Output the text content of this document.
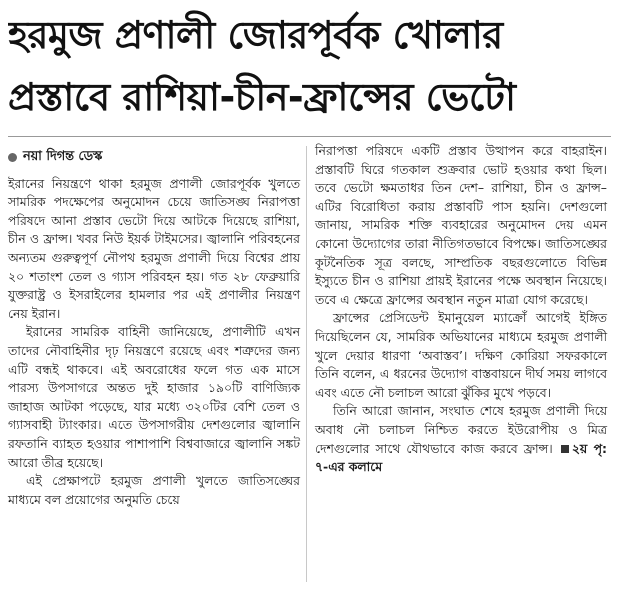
হরমুজ প্রণালী জোরপূর্বক খোলার
প্রস্তাবে রাশিয়া-চীন-ফ্রান্সের ভেটো
নয়া দিগন্ত ডেস্ক

ইরানের নিয়ন্ত্রণে থাকা হরমুজ প্রণালী জোরপূর্বক খুলতে সামরিক পদক্ষেপের অনুমোদন চেয়ে জাতিসঙ্ঘ নিরাপত্তা পরিষদে আনা প্রস্তাব ভেটো দিয়ে আটকে দিয়েছে রাশিয়া, চীন ও ফ্রান্স। খবর নিউ ইয়র্ক টাইমসের। জ্বালানি পরিবহনের অন্যতম গুরুত্বপূর্ণ নৌপথ হরমুজ প্রণালী দিয়ে বিশ্বের প্রায় ২০ শতাংশ তেল ও গ্যাস পরিবহন হয়। গত ২৮ ফেব্রুয়ারি যুক্তরাষ্ট্র ও ইসরাইলের হামলার পর এই প্রণালীর নিয়ন্ত্রণ নেয় ইরান।

ইরানের সামরিক বাহিনী জানিয়েছে, প্রণালীটি এখন তাদের নৌবাহিনীর দৃঢ় নিয়ন্ত্রণে রয়েছে এবং শত্রুদের জন্য এটি বন্ধই থাকবে। এই অবরোধের ফলে গত এক মাসে পারস্য উপসাগরে অন্তত দুই হাজার ১৯০টি বাণিজ্যিক জাহাজ আটকা পড়েছে, যার মধ্যে ৩২০টির বেশি তেল ও গ্যাসবাহী ট্যাংকার। এতে উপসাগরীয় দেশগুলোর জ্বালানি রফতানি ব্যাহত হওয়ার পাশাপাশি বিশ্ববাজারে জ্বালানি সঙ্কট আরো তীব্র হয়েছে।

এই প্রেক্ষাপটে হরমুজ প্রণালী খুলতে জাতিসঙ্ঘের মাধ্যমে বল প্রয়োগের অনুমতি চেয়ে

নিরাপত্তা পরিষদে একটি প্রস্তাব উত্থাপন করে বাহরাইন। প্রস্তাবটি ঘিরে গতকাল শুক্রবার ভোট হওয়ার কথা ছিল। তবে ভেটো ক্ষমতাধর তিন দেশ– রাশিয়া, চীন ও ফ্রান্স– এটির বিরোধিতা করায় প্রস্তাবটি পাস হয়নি। দেশগুলো জানায়, সামরিক শক্তি ব্যবহারের অনুমোদন দেয় এমন কোনো উদ্যোগের তারা নীতিগতভাবে বিপক্ষে। জাতিসঙ্ঘের কূটনৈতিক সূত্র বলছে, সাম্প্রতিক বছরগুলোতে বিভিন্ন ইস্যুতে চীন ও রাশিয়া প্রায়ই ইরানের পক্ষে অবস্থান নিয়েছে। তবে এ ক্ষেত্রে ফ্রান্সের অবস্থান নতুন মাত্রা যোগ করেছে।

ফ্রান্সের প্রেসিডেন্ট ইমানুয়েল ম্যাক্রোঁ আগেই ইঙ্গিত দিয়েছিলেন যে, সামরিক অভিযানের মাধ্যমে হরমুজ প্রণালী খুলে দেয়ার ধারণা ‘অবাস্তব’। দক্ষিণ কোরিয়া সফরকালে তিনি বলেন, এ ধরনের উদ্যোগ বাস্তবায়নে দীর্ঘ সময় লাগবে এবং এতে নৌ চলাচল আরো ঝুঁকির মুখে পড়বে।

তিনি আরো জানান, সংঘাত শেষে হরমুজ প্রণালী দিয়ে অবাধ নৌ চলাচল নিশ্চিত করতে ইউরোপীয় ও মিত্র দেশগুলোর সাথে যৌথভাবে কাজ করবে ফ্রান্স। ২য় পৃ: ৭-এর কলামে
